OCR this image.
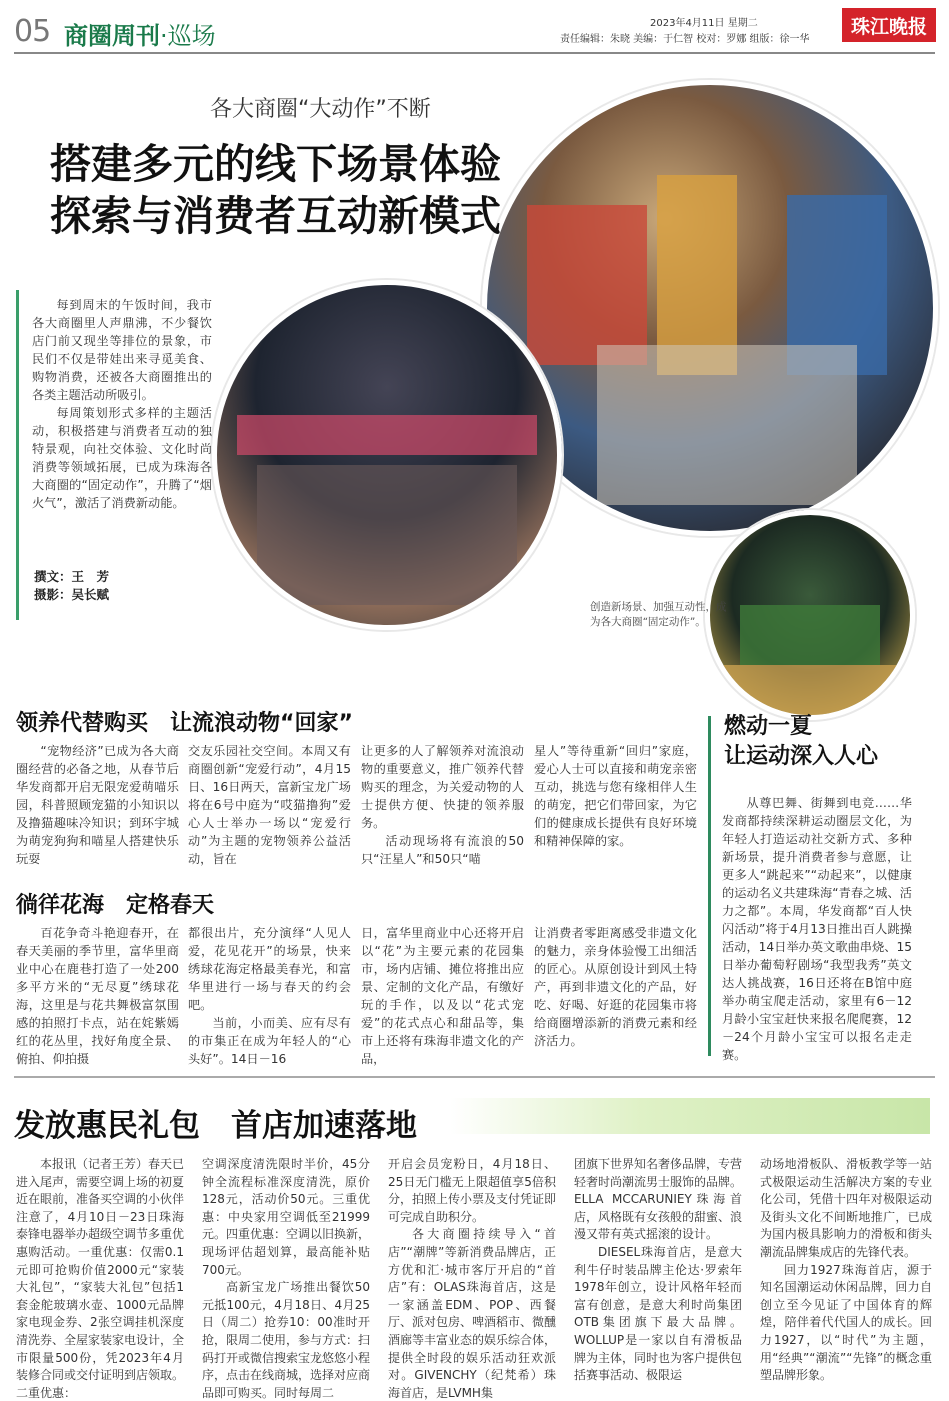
05 商圈周刊·巡场	2023年4月11日 星期二
责任编辑：朱晓 美编：于仁智 校对：罗娜 组版：徐一华
珠江晚报
创造新场景、加强互动性，成为各大商圈“固定动作”。
各大商圈“大动作”不断
搭建多元的线下场景体验
探索与消费者互动新模式

每到周末的午饭时间，我市各大商圈里人声鼎沸，不少餐饮店门前又现坐等排位的景象，市民们不仅是带娃出来寻觅美食、购物消费，还被各大商圈推出的各类主题活动所吸引。

每周策划形式多样的主题活动，积极搭建与消费者互动的独特景观，向社交体验、文化时尚消费等领域拓展，已成为珠海各大商圈的“固定动作”，升腾了“烟火气”，激活了消费新动能。

撰文：王　芳
摄影：吴长赋
领养代替购买　让流浪动物“回家”

“宠物经济”已成为各大商圈经营的必备之地，从春节后华发商都开启无限宠爱萌喵乐园，科普照顾宠猫的小知识以及撸猫趣味冷知识；到环宇城为萌宠狗狗和喵星人搭建快乐玩耍

交友乐园社交空间。本周又有商圈创新“宠爱行动”，4月15日、16日两天，富新宝龙广场将在6号中庭为“哎猫撸狗”爱心人士举办一场以“宠爱行动”为主题的宠物领养公益活动，旨在

让更多的人了解领养对流浪动物的重要意义，推广领养代替购买的理念，为关爱动物的人士提供方便、快捷的领养服务。

活动现场将有流浪的50只“汪星人”和50只“喵

星人”等待重新“回归”家庭，爱心人士可以直接和萌宠亲密互动，挑选与您有缘相伴人生的萌宠，把它们带回家，为它们的健康成长提供有良好环境和精神保障的家。

徜徉花海　定格春天

百花争奇斗艳迎春开，在春天美丽的季节里，富华里商业中心在鹿巷打造了一处200多平方米的“无尽夏”绣球花海，这里是与花共舞极富氛围感的拍照打卡点，站在姹紫嫣红的花丛里，找好角度全景、俯拍、仰拍摄

都很出片，充分演绎“人见人爱，花见花开”的场景，快来绣球花海定格最美春光，和富华里进行一场与春天的约会吧。

当前，小而美、应有尽有的市集正在成为年轻人的“心头好”。14日－16

日，富华里商业中心还将开启以“花”为主要元素的花园集市，场内店铺、摊位将推出应景、定制的文化产品，有缴好玩的手作，以及以“花式宠爱”的花式点心和甜品等，集市上还将有珠海非遗文化的产品，

让消费者零距离感受非遗文化的魅力，亲身体验慢工出细活的匠心。从原创设计到风土特产，再到非遗文化的产品，好吃、好喝、好逛的花园集市将给商圈增添新的消费元素和经济活力。

燃动一夏
让运动深入人心

从尊巴舞、街舞到电竞……华发商都持续深耕运动圈层文化，为年轻人打造运动社交新方式、多种新场景，提升消费者参与意愿，让更多人“跳起来”“动起来”，以健康的运动名义共建珠海“青春之城、活力之都”。本周，华发商都“百人快闪活动”将于4月13日推出百人跳操活动，14日举办英文歌曲串烧、15日举办葡萄籽剧场“我型我秀”英文达人挑战赛，16日还将在B馆中庭举办萌宝爬走活动，家里有6－12月龄小宝宝赶快来报名爬爬赛，12－24个月龄小宝宝可以报名走走赛。

发放惠民礼包　首店加速落地

本报讯（记者王芳）春天已进入尾声，需要空调上场的初夏近在眼前，准备买空调的小伙伴注意了，4月10日－23日珠海泰锋电器举办超级空调节多重优惠购活动。一重优惠：仅需0.1元即可抢购价值2000元“家装大礼包”，“家装大礼包”包括1套金舵玻璃水壶、1000元品牌家电现金券、2张空调挂机深度清洗券、全屋家装家电设计，全市限量500份，凭2023年4月装修合同或交付证明到店领取。二重优惠：

空调深度清洗限时半价，45分钟全流程标准深度清洗，原价128元，活动价50元。三重优惠：中央家用空调低至21999元。四重优惠：空调以旧换新，现场评估超划算，最高能补贴700元。

高新宝龙广场推出餐饮50元抵100元，4月18日、4月25日（周二）抢券10：00准时开抢，限周二使用，参与方式：扫码打开或微信搜索宝龙悠悠小程序，点击在线商城，选择对应商品即可购买。同时每周二

开启会员宠粉日，4月18日、25日无门槛无上限超值享5倍积分，拍照上传小票及支付凭证即可完成自助积分。

各大商圈持续导入“首店”“潮牌”等新消费品牌店，正方优和汇·城市客厅开启的“首店”有：OLAS珠海首店，这是一家涵盖EDM、POP、西餐厅、派对包房、啤酒稻市、微醺酒廊等丰富业态的娱乐综合体，提供全时段的娱乐活动狂欢派对。GIVENCHY（纪梵希）珠海首店，是LVMH集

团旗下世界知名奢侈品牌，专营轻奢时尚潮流男士服饰的品牌。ELLA MCCARUNIEY珠海首店，风格既有女孩般的甜蜜、浪漫又带有英式摇滚的设计。

DIESEL珠海首店，是意大利牛仔时装品牌主伦达·罗索年1978年创立，设计风格年轻而富有创意，是意大利时尚集团OTB集团旗下最大品牌。WOLLUP是一家以自有滑板品牌为主体，同时也为客户提供包括赛事活动、极限运

动场地滑板队、滑板教学等一站式极限运动生活解决方案的专业化公司，凭借十四年对极限运动及街头文化不间断地推广，已成为国内极具影响力的滑板和街头潮流品牌集成店的先锋代表。

回力1927珠海首店，源于知名国潮运动休闲品牌，回力自创立至今见证了中国体育的辉煌，陪伴着代代国人的成长。回力1927，以“时代”为主题，用“经典”“潮流”“先锋”的概念重塑品牌形象。
